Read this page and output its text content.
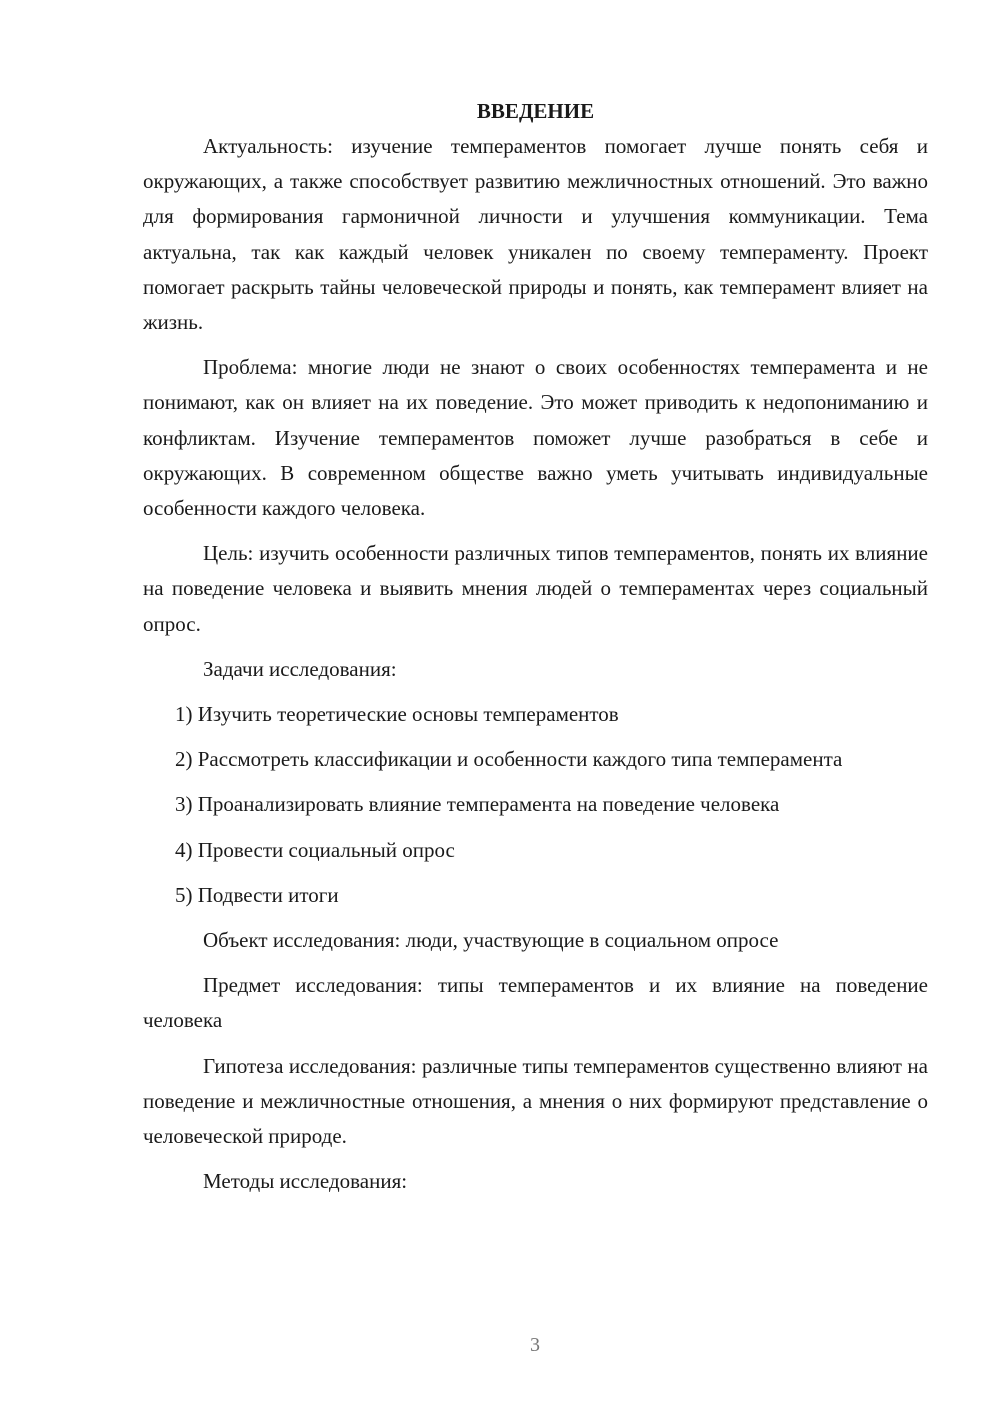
ВВЕДЕНИЕ

Актуальность: изучение темпераментов помогает лучше понять себя и окружающих, а также способствует развитию межличностных отношений. Это важно для формирования гармоничной личности и улучшения коммуникации. Тема актуальна, так как каждый человек уникален по своему темпераменту. Проект помогает раскрыть тайны человеческой природы и понять, как темперамент влияет на жизнь.

Проблема: многие люди не знают о своих особенностях темперамента и не понимают, как он влияет на их поведение. Это может приводить к недопониманию и конфликтам. Изучение темпераментов поможет лучше разобраться в себе и окружающих. В современном обществе важно уметь учитывать индивидуальные особенности каждого человека.

Цель: изучить особенности различных типов темпераментов, понять их влияние на поведение человека и выявить мнения людей о темпераментах через социальный опрос.

Задачи исследования:

1) Изучить теоретические основы темпераментов

2) Рассмотреть классификации и особенности каждого типа темперамента

3) Проанализировать влияние темперамента на поведение человека

4) Провести социальный опрос

5) Подвести итоги

Объект исследования: люди, участвующие в социальном опросе

Предмет исследования: типы темпераментов и их влияние на поведение человека

Гипотеза исследования: различные типы темпераментов существенно влияют на поведение и межличностные отношения, а мнения о них формируют представление о человеческой природе.

Методы исследования:

3
